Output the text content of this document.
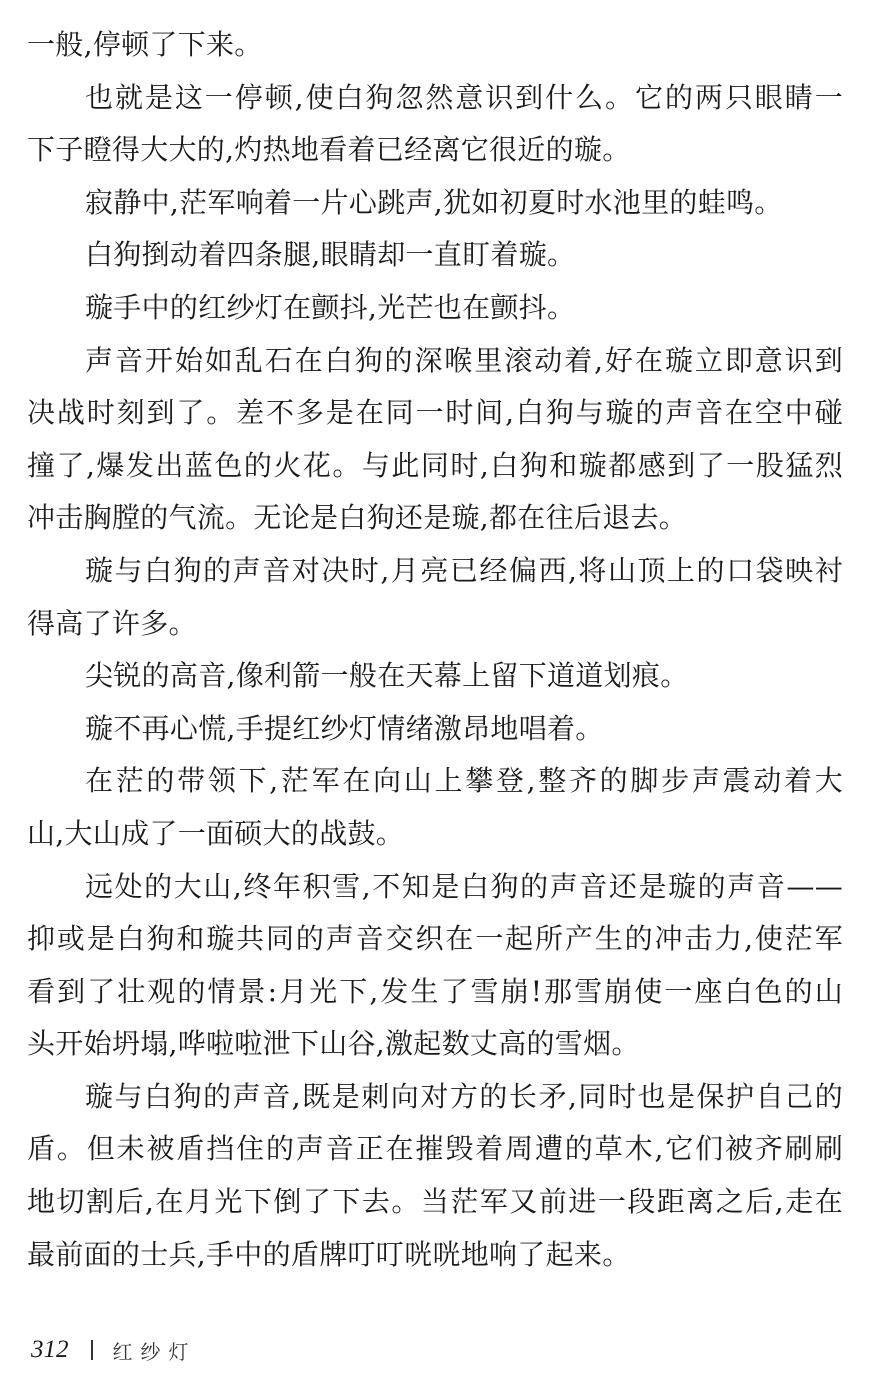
一般,停顿了下来。
也就是这一停顿,使白狗忽然意识到什么。它的两只眼睛一
下子瞪得大大的,灼热地看着已经离它很近的璇。
寂静中,茫军响着一片心跳声,犹如初夏时水池里的蛙鸣。
白狗捯动着四条腿,眼睛却一直盯着璇。
璇手中的红纱灯在颤抖,光芒也在颤抖。
声音开始如乱石在白狗的深喉里滚动着,好在璇立即意识到
决战时刻到了。差不多是在同一时间,白狗与璇的声音在空中碰
撞了,爆发出蓝色的火花。与此同时,白狗和璇都感到了一股猛烈
冲击胸膛的气流。无论是白狗还是璇,都在往后退去。
璇与白狗的声音对决时,月亮已经偏西,将山顶上的口袋映衬
得高了许多。
尖锐的高音,像利箭一般在天幕上留下道道划痕。
璇不再心慌,手提红纱灯情绪激昂地唱着。
在茫的带领下,茫军在向山上攀登,整齐的脚步声震动着大
山,大山成了一面硕大的战鼓。
远处的大山,终年积雪,不知是白狗的声音还是璇的声音——
抑或是白狗和璇共同的声音交织在一起所产生的冲击力,使茫军
看到了壮观的情景:月光下,发生了雪崩!那雪崩使一座白色的山
头开始坍塌,哗啦啦泄下山谷,激起数丈高的雪烟。
璇与白狗的声音,既是刺向对方的长矛,同时也是保护自己的
盾。但未被盾挡住的声音正在摧毁着周遭的草木,它们被齐刷刷
地切割后,在月光下倒了下去。当茫军又前进一段距离之后,走在
最前面的士兵,手中的盾牌叮叮咣咣地响了起来。
312 红纱灯
